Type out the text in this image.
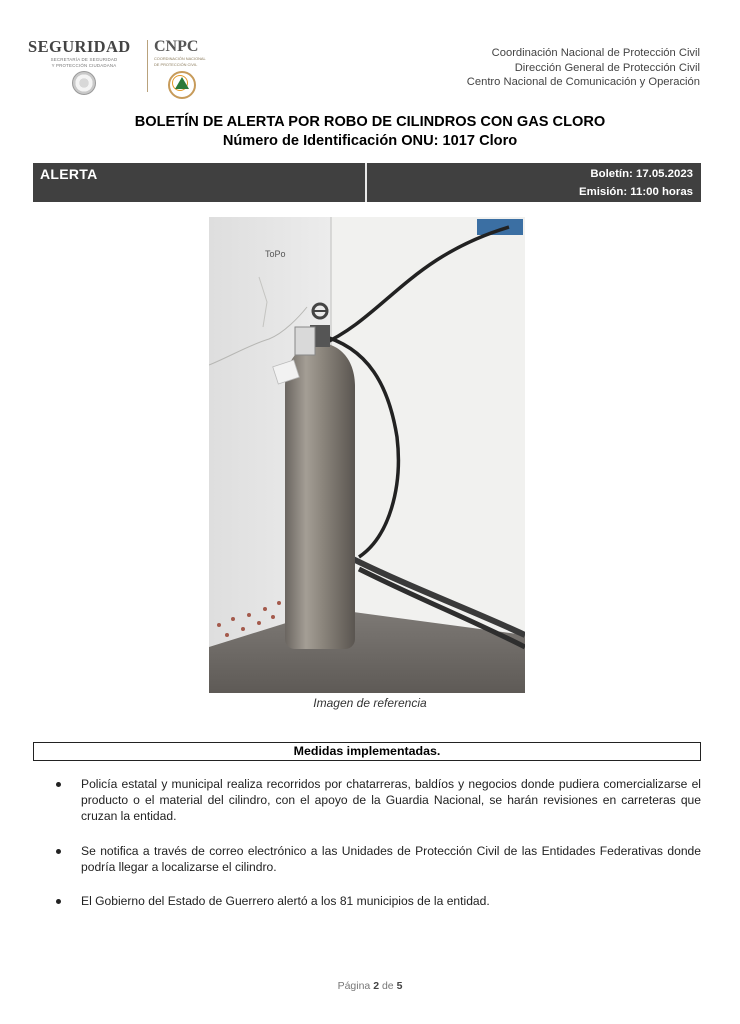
SEGURIDAD
SECRETARÍA DE SEGURIDAD
Y PROTECCIÓN CIUDADANA
CNPC
COORDINACIÓN NACIONAL
DE PROTECCIÓN CIVIL
Coordinación Nacional de Protección Civil
Dirección General de Protección Civil
Centro Nacional de Comunicación y Operación
BOLETÍN DE ALERTA POR ROBO DE CILINDROS CON GAS CLORO
Número de Identificación ONU: 1017 Cloro
ALERTA	Boletín: 17.05.2023
Emisión: 11:00 horas
ToPo
Imagen de referencia
Medidas implementadas.
Policía estatal y municipal realiza recorridos por chatarreras, baldíos y negocios donde pudiera comercializarse el producto o el material del cilindro, con el apoyo de la Guardia Nacional, se harán revisiones en carreteras que cruzan la entidad.
Se notifica a través de correo electrónico a las Unidades de Protección Civil de las Entidades Federativas donde podría llegar a localizarse el cilindro.
El Gobierno del Estado de Guerrero alertó a los 81 municipios de la entidad.
Página 2 de 5
